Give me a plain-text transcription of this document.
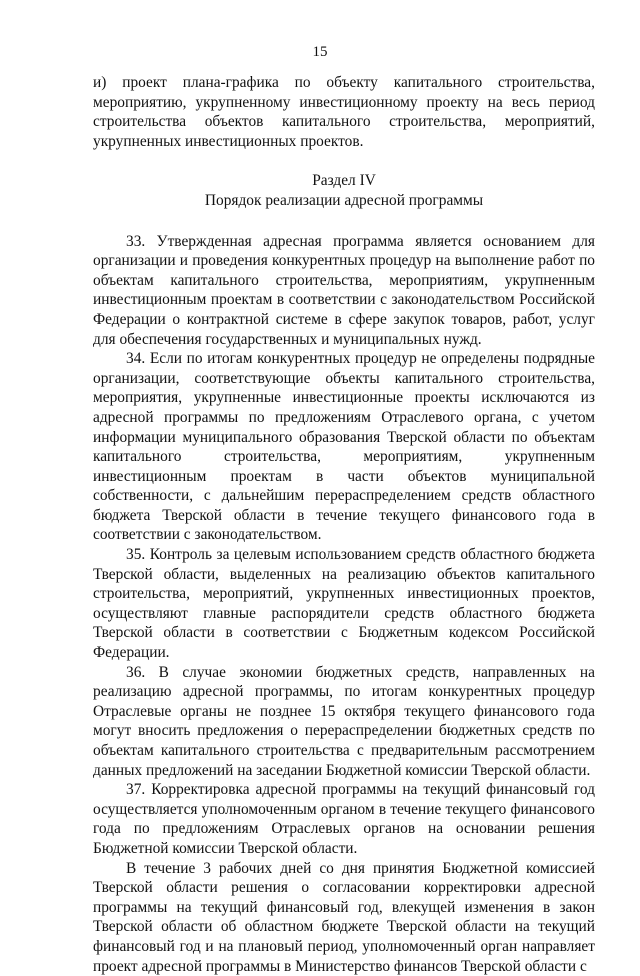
15

и) проект плана-графика по объекту капитального строительства, мероприятию, укрупненному инвестиционному проекту на весь период строительства объектов капитального строительства, мероприятий, укрупненных инвестиционных проектов.

Раздел IV
Порядок реализации адресной программы

33. Утвержденная адресная программа является основанием для организации и проведения конкурентных процедур на выполнение работ по объектам капитального строительства, мероприятиям, укрупненным инвестиционным проектам в соответствии с законодательством Российской Федерации о контрактной системе в сфере закупок товаров, работ, услуг для обеспечения государственных и муниципальных нужд.

34. Если по итогам конкурентных процедур не определены подрядные организации, соответствующие объекты капитального строительства, мероприятия, укрупненные инвестиционные проекты исключаются из адресной программы по предложениям Отраслевого органа, с учетом информации муниципального образования Тверской области по объектам капитального строительства, мероприятиям, укрупненным инвестиционным проектам в части объектов муниципальной собственности, с дальнейшим перераспределением средств областного бюджета Тверской области в течение текущего финансового года в соответствии с законодательством.

35. Контроль за целевым использованием средств областного бюджета Тверской области, выделенных на реализацию объектов капитального строительства, мероприятий, укрупненных инвестиционных проектов, осуществляют главные распорядители средств областного бюджета Тверской области в соответствии с Бюджетным кодексом Российской Федерации.

36. В случае экономии бюджетных средств, направленных на реализацию адресной программы, по итогам конкурентных процедур Отраслевые органы не позднее 15 октября текущего финансового года могут вносить предложения о перераспределении бюджетных средств по объектам капитального строительства с предварительным рассмотрением данных предложений на заседании Бюджетной комиссии Тверской области.

37. Корректировка адресной программы на текущий финансовый год осуществляется уполномоченным органом в течение текущего финансового года по предложениям Отраслевых органов на основании решения Бюджетной комиссии Тверской области.

В течение 3 рабочих дней со дня принятия Бюджетной комиссией Тверской области решения о согласовании корректировки адресной программы на текущий финансовый год, влекущей изменения в закон Тверской области об областном бюджете Тверской области на текущий финансовый год и на плановый период, уполномоченный орган направляет проект адресной программы в Министерство финансов Тверской области с
